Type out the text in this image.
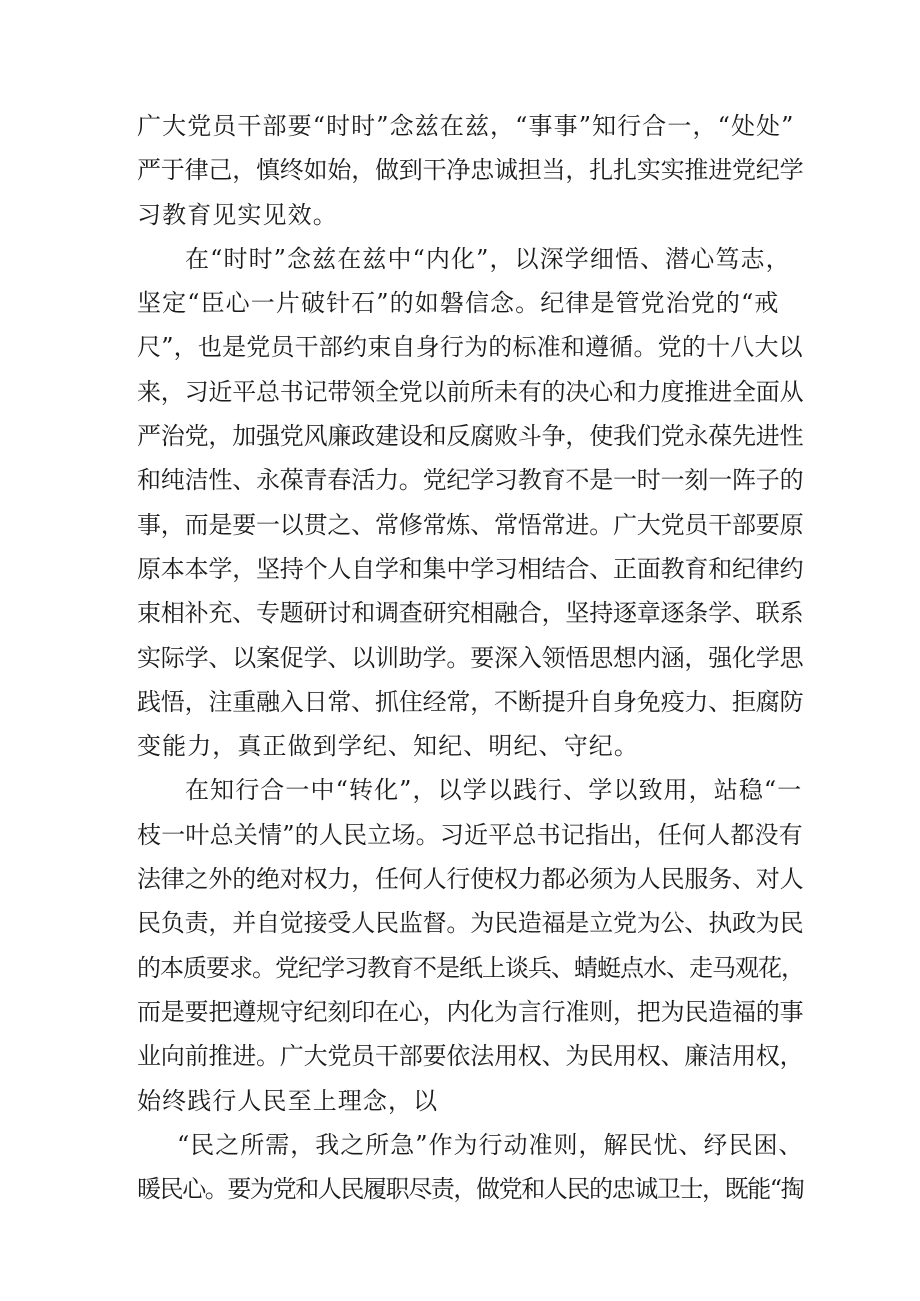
广大党员干部要“时时”念兹在兹，“事事”知行合一，“处处”
严于律己，慎终如始，做到干净忠诚担当，扎扎实实推进党纪学
习教育见实见效。
在“时时”念兹在兹中“内化”，以深学细悟、潜心笃志，
坚定“臣心一片破针石”的如磐信念。纪律是管党治党的“戒
尺”，也是党员干部约束自身行为的标准和遵循。党的十八大以
来，习近平总书记带领全党以前所未有的决心和力度推进全面从
严治党，加强党风廉政建设和反腐败斗争，使我们党永葆先进性
和纯洁性、永葆青春活力。党纪学习教育不是一时一刻一阵子的
事，而是要一以贯之、常修常炼、常悟常进。广大党员干部要原
原本本学，坚持个人自学和集中学习相结合、正面教育和纪律约
束相补充、专题研讨和调查研究相融合，坚持逐章逐条学、联系
实际学、以案促学、以训助学。要深入领悟思想内涵，强化学思
践悟，注重融入日常、抓住经常，不断提升自身免疫力、拒腐防
变能力，真正做到学纪、知纪、明纪、守纪。
在知行合一中“转化”，以学以践行、学以致用，站稳“一
枝一叶总关情”的人民立场。习近平总书记指出，任何人都没有
法律之外的绝对权力，任何人行使权力都必须为人民服务、对人
民负责，并自觉接受人民监督。为民造福是立党为公、执政为民
的本质要求。党纪学习教育不是纸上谈兵、蜻蜓点水、走马观花，
而是要把遵规守纪刻印在心，内化为言行准则，把为民造福的事
业向前推进。广大党员干部要依法用权、为民用权、廉洁用权，
始终践行人民至上理念，以
“民之所需，我之所急”作为行动准则，解民忧、纾民困、
暖民心。要为党和人民履职尽责，做党和人民的忠诚卫士，既能“掏
